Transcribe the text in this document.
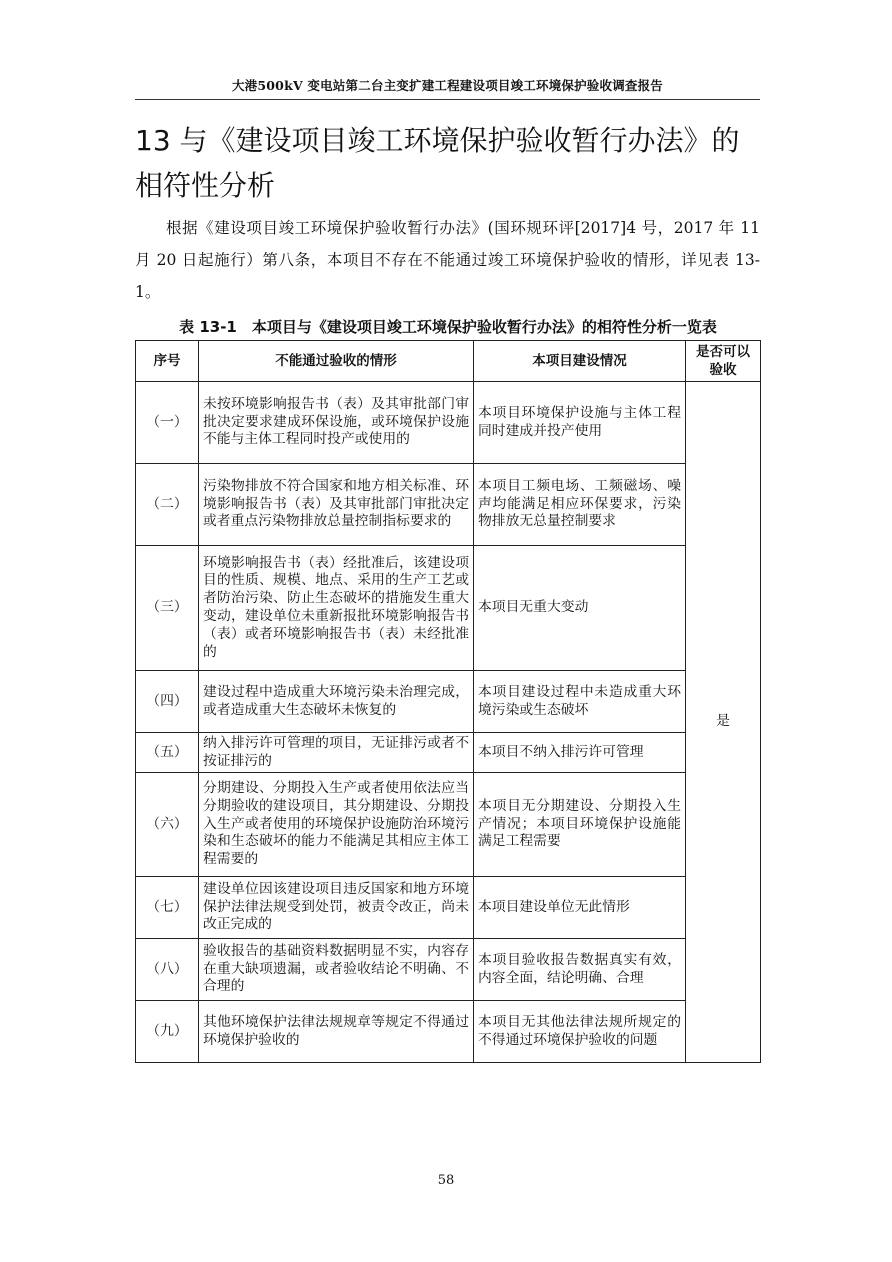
大港500kV 变电站第二台主变扩建工程建设项目竣工环境保护验收调查报告
13 与《建设项目竣工环境保护验收暂行办法》的相符性分析

根据《建设项目竣工环境保护验收暂行办法》(国环规环评[2017]4 号，2017 年 11 月 20 日起施行）第八条，本项目不存在不能通过竣工环境保护验收的情形，详见表 13-1。

表 13-1　本项目与《建设项目竣工环境保护验收暂行办法》的相符性分析一览表
序号	不能通过验收的情形	本项目建设情况	是否可以验收
（一）	未按环境影响报告书（表）及其审批部门审批决定要求建成环保设施，或环境保护设施不能与主体工程同时投产或使用的	本项目环境保护设施与主体工程同时建成并投产使用	是
（二）	污染物排放不符合国家和地方相关标准、环境影响报告书（表）及其审批部门审批决定或者重点污染物排放总量控制指标要求的	本项目工频电场、工频磁场、噪声均能满足相应环保要求，污染物排放无总量控制要求	
（三）	环境影响报告书（表）经批准后，该建设项目的性质、规模、地点、采用的生产工艺或者防治污染、防止生态破坏的措施发生重大变动，建设单位未重新报批环境影响报告书（表）或者环境影响报告书（表）未经批准的	本项目无重大变动	
（四）	建设过程中造成重大环境污染未治理完成，或者造成重大生态破坏未恢复的	本项目建设过程中未造成重大环境污染或生态破坏	
（五）	纳入排污许可管理的项目，无证排污或者不按证排污的	本项目不纳入排污许可管理	
（六）	分期建设、分期投入生产或者使用依法应当分期验收的建设项目，其分期建设、分期投入生产或者使用的环境保护设施防治环境污染和生态破坏的能力不能满足其相应主体工程需要的	本项目无分期建设、分期投入生产情况；本项目环境保护设施能满足工程需要	
（七）	建设单位因该建设项目违反国家和地方环境保护法律法规受到处罚，被责令改正，尚未改正完成的	本项目建设单位无此情形	
（八）	验收报告的基础资料数据明显不实，内容存在重大缺项遗漏，或者验收结论不明确、不合理的	本项目验收报告数据真实有效，内容全面，结论明确、合理	
（九）	其他环境保护法律法规规章等规定不得通过环境保护验收的	本项目无其他法律法规所规定的不得通过环境保护验收的问题	
58
